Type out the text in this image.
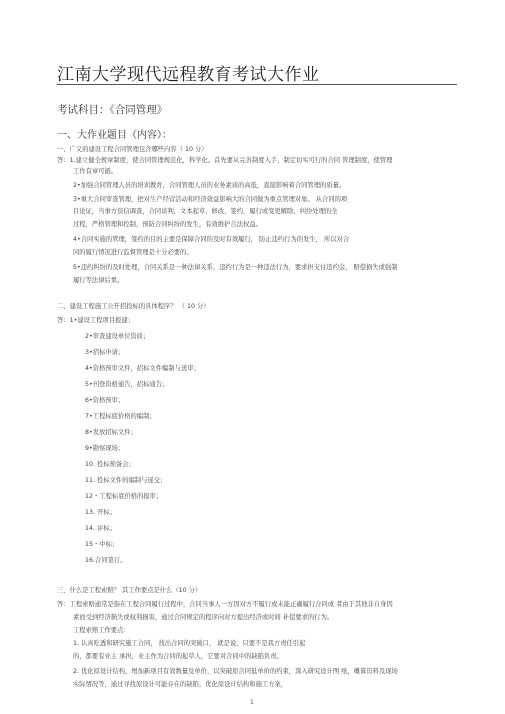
江南大学现代远程教育考试大作业
考试科目：《合同管理》
一、大作业题目（内容）：
一、广义的建设工程合同管理包含哪些内容（ 10 分）
答：1.建立健全规章制度，使合同管理规范化，科学化。首先要从完善制度入手，制定切实可行的合同 管理制度，使管理
工作有章可循。
2•加强合同管理人员的培训教育，合同管理人员的业务素质的高低，直接影响着合同管理的质量。
3•重大合同审查管理，把对生产经营活动和经济效益影响大的合同做为重点管理对象。 从合同的项
目论证，当事方资信调查，合同谈判，文本起草，修改，签约，履行或变更解除，纠纷处理的全
过程，严格管理和控制，预防合同纠纷的发生，有效维护合法权益。
4•合同实施的管理，签约的目的主要是保障合同的及时有效履行， 防止违约行为的发生， 所以对合
同的履行情况进行监督管理是十分必要的。
5•违约纠纷的及时处理，合同关系是一种法律关系，违约行为是一种违法行为，要求担支付违约金， 赔偿损失或强制
履行等法律后果。
二、建设工程施工公开招投标的具体程序？ （ 10 分）
答：1•建设工程项目报建；
2•审查建设单位资质；
3•招标申请；
4•资格预审文件，招标文件编制与送审；
5•刊登资格通告，招标通告；
6•资格预审；
7•工程标底价格的编制；
8•发放招标文件；
9•勘察现场；
10. 投标预备会；
11. 投标文件的编制与递交；
12・工程标底价格的报审；
13. 开标；
14. 评标；
15・中标；
16.合同签订。
三、什么是工程索赔？ 其工作要点是什么（10 分）
答：工程索赔通常是指在工程合同履行过程中，合同当事人一方因对方不履行或未能正确履行合同或 者由于其他非自身因
素而受到经济损失或权利损害，通过合同规定的程序向对方提出经济或时间 补偿要求的行为。
工程索赔工作要点：
1. 认真吃透和研究施工合同， 找出合同的突破口， 就是说，只要不是我方责任引起
的，都要有业主 承担，业主作为合同的起草人，它要对合同中的缺陷负责。
2. 优化原设计结构，增加新项目有效数量及单价，以突破原合同低单价的约束，深入研究设计图 纸，概算资料及现场
实际情况等，通过寻找原设计可能存在的缺陷，优化原设计结构和施工方案，
1
